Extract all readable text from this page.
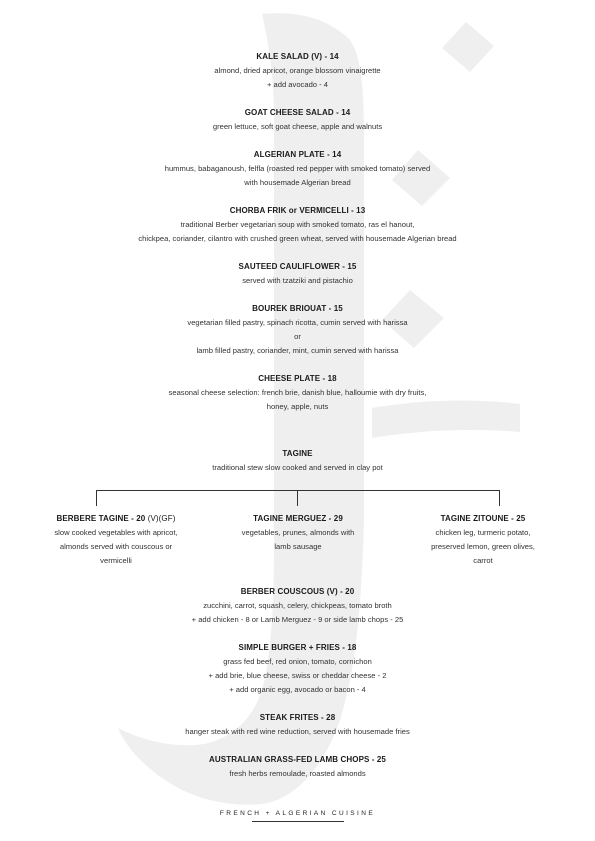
KALE SALAD (V) - 14
almond, dried apricot, orange blossom vinaigrette
+ add avocado - 4
GOAT CHEESE SALAD - 14
green lettuce, soft goat cheese, apple and walnuts
ALGERIAN PLATE - 14
hummus, babaganoush, felfla (roasted red pepper with smoked tomato) served
with housemade Algerian bread
CHORBA FRIK or VERMICELLI - 13
traditional Berber vegetarian soup with smoked tomato, ras el hanout,
chickpea, coriander, cilantro with crushed green wheat, served with housemade Algerian bread
SAUTEED CAULIFLOWER - 15
served with tzatziki and pistachio
BOUREK BRIOUAT - 15
vegetarian filled pastry, spinach ricotta, cumin served with harissa
or
lamb filled pastry, coriander, mint, cumin served with harissa
CHEESE PLATE - 18
seasonal cheese selection: french brie, danish blue, halloumie with dry fruits,
honey, apple, nuts
TAGINE
traditional stew slow cooked and served in clay pot
BERBERE TAGINE - 20 (V)(GF)
slow cooked vegetables with apricot,
almonds served with couscous or
vermicelli
TAGINE MERGUEZ - 29
vegetables, prunes, almonds with
lamb sausage
TAGINE ZITOUNE - 25
chicken leg, turmeric potato,
preserved lemon, green olives,
carrot
BERBER COUSCOUS (V) - 20
zucchini, carrot, squash, celery, chickpeas, tomato broth
+ add chicken - 8 or Lamb Merguez - 9 or side lamb chops - 25
SIMPLE BURGER + FRIES - 18
grass fed beef, red onion, tomato, cornichon
+ add brie, blue cheese, swiss or cheddar cheese - 2
+ add organic egg, avocado or bacon - 4
STEAK FRITES - 28
hanger steak with red wine reduction, served with housemade fries
AUSTRALIAN GRASS-FED LAMB CHOPS - 25
fresh herbs remoulade, roasted almonds
FRENCH + ALGERIAN CUISINE
